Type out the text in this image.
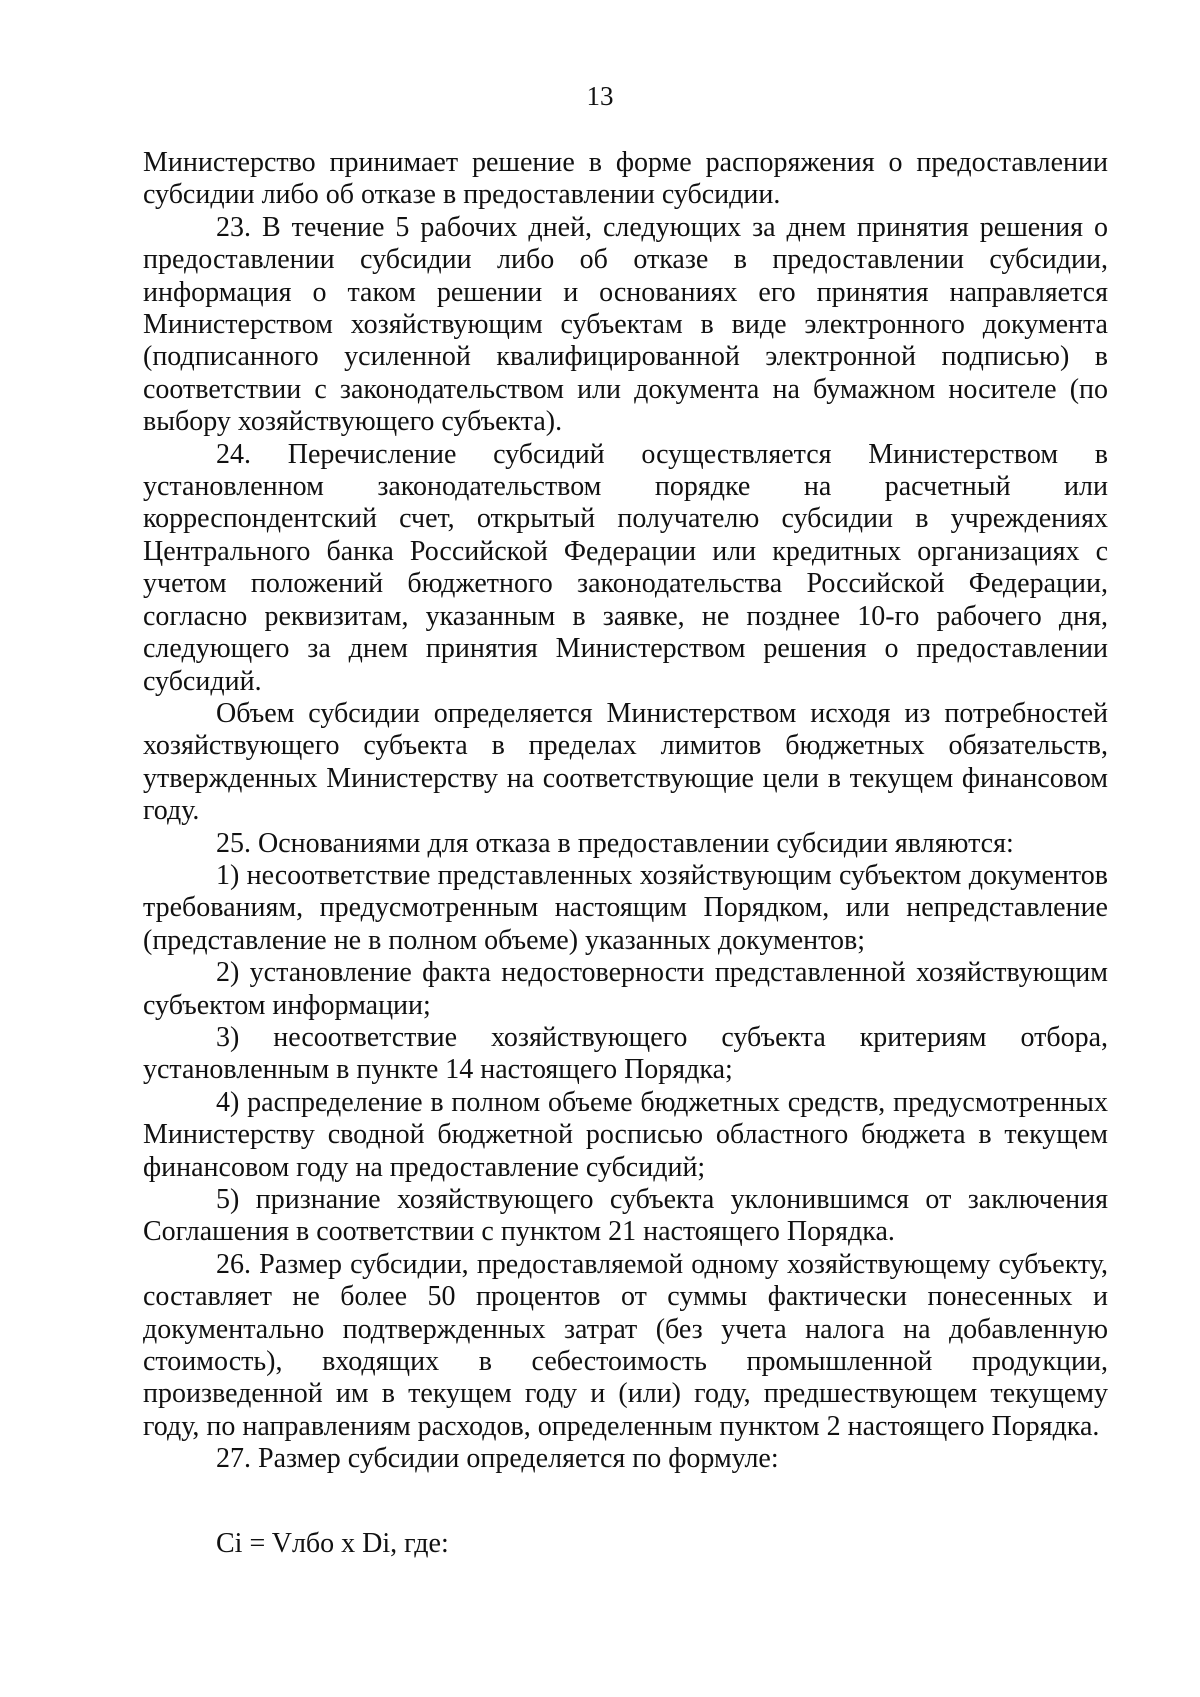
13

Министерство принимает решение в форме распоряжения о предоставлении субсидии либо об отказе в предоставлении субсидии.

23. В течение 5 рабочих дней, следующих за днем принятия решения о предоставлении субсидии либо об отказе в предоставлении субсидии, информация о таком решении и основаниях его принятия направляется Министерством хозяйствующим субъектам в виде электронного документа (подписанного усиленной квалифицированной электронной подписью) в соответствии с законодательством или документа на бумажном носителе (по выбору хозяйствующего субъекта).

24. Перечисление субсидий осуществляется Министерством в установленном законодательством порядке на расчетный или корреспондентский счет, открытый получателю субсидии в учреждениях Центрального банка Российской Федерации или кредитных организациях с учетом положений бюджетного законодательства Российской Федерации, согласно реквизитам, указанным в заявке, не позднее 10-го рабочего дня, следующего за днем принятия Министерством решения о предоставлении субсидий.

Объем субсидии определяется Министерством исходя из потребностей хозяйствующего субъекта в пределах лимитов бюджетных обязательств, утвержденных Министерству на соответствующие цели в текущем финансовом году.

25. Основаниями для отказа в предоставлении субсидии являются:

1) несоответствие представленных хозяйствующим субъектом документов требованиям, предусмотренным настоящим Порядком, или непредставление (представление не в полном объеме) указанных документов;

2) установление факта недостоверности представленной хозяйствующим субъектом информации;

3) несоответствие хозяйствующего субъекта критериям отбора, установленным в пункте 14 настоящего Порядка;

4) распределение в полном объеме бюджетных средств, предусмотренных Министерству сводной бюджетной росписью областного бюджета в текущем финансовом году на предоставление субсидий;

5) признание хозяйствующего субъекта уклонившимся от заключения Соглашения в соответствии с пунктом 21 настоящего Порядка.

26. Размер субсидии, предоставляемой одному хозяйствующему субъекту, составляет не более 50 процентов от суммы фактически понесенных и документально подтвержденных затрат (без учета налога на добавленную стоимость), входящих в себестоимость промышленной продукции, произведенной им в текущем году и (или) году, предшествующем текущему году, по направлениям расходов, определенным пунктом 2 настоящего Порядка.

27. Размер субсидии определяется по формуле:

Ci = Vлбо x Di, где:
